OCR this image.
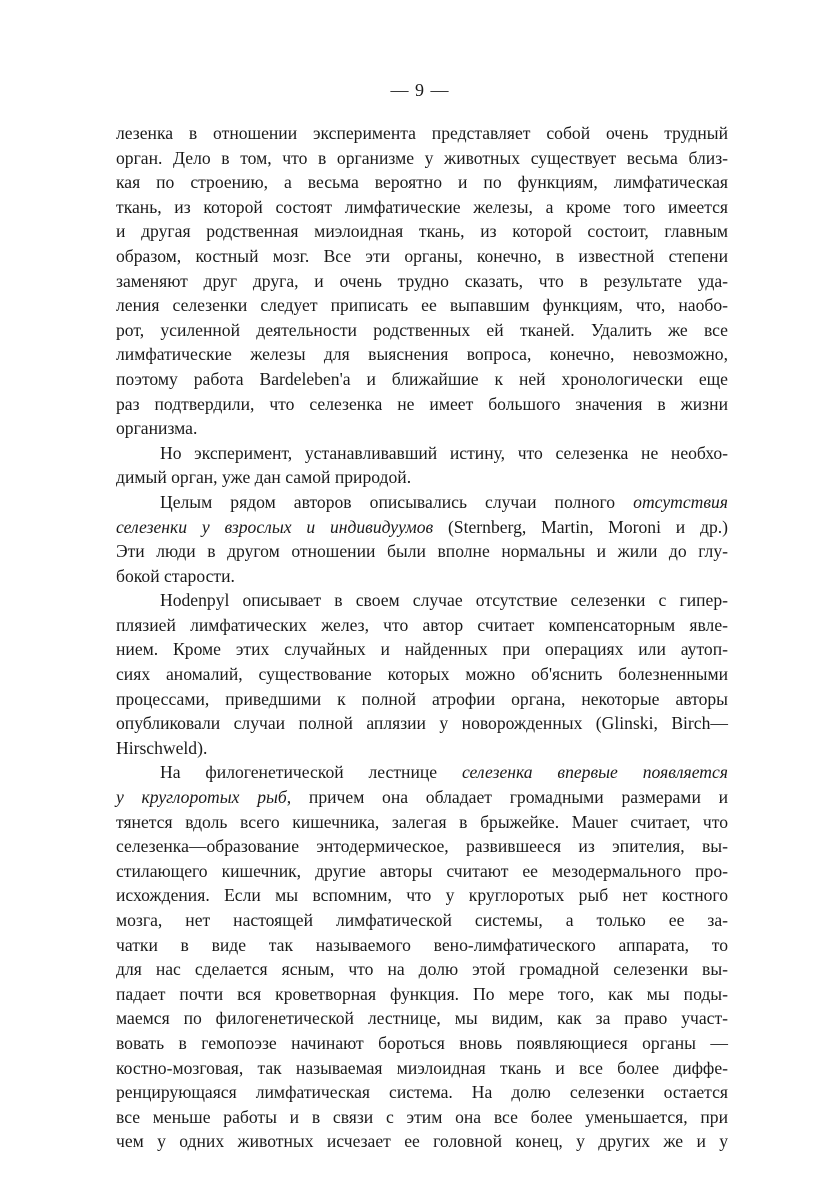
— 9 —
лезенка в отношении эксперимента представляет собой очень трудный
орган. Дело в том, что в организме у животных существует весьма близ-
кая по строению, а весьма вероятно и по функциям, лимфатическая
ткань, из которой состоят лимфатические железы, а кроме того имеется
и другая родственная миэлоидная ткань, из которой состоит, главным
образом, костный мозг. Все эти органы, конечно, в известной степени
заменяют друг друга, и очень трудно сказать, что в результате уда-
ления селезенки следует приписать ее выпавшим функциям, что, наобо-
рот, усиленной деятельности родственных ей тканей. Удалить же все
лимфатические железы для выяснения вопроса, конечно, невозможно,
поэтому работа Bardeleben'a и ближайшие к ней хронологически еще
раз подтвердили, что селезенка не имеет большого значения в жизни
организма.
Но эксперимент, устанавливавший истину, что селезенка не необхо-
димый орган, уже дан самой природой.
Целым рядом авторов описывались случаи полного отсутствия
селезенки у взрослых и индивидуумов (Sternberg, Martin, Moroni и др.)
Эти люди в другом отношении были вполне нормальны и жили до глу-
бокой старости.
Hodenpyl описывает в своем случае отсутствие селезенки с гипер-
плязией лимфатических желез, что автор считает компенсаторным явле-
нием. Кроме этих случайных и найденных при операциях или аутоп-
сиях аномалий, существование которых можно об'яснить болезненными
процессами, приведшими к полной атрофии органа, некоторые авторы
опубликовали случаи полной аплязии у новорожденных (Glinski, Birch—
Hirschweld).
На филогенетической лестнице селезенка впервые появляется
у круглоротых рыб, причем она обладает громадными размерами и
тянется вдоль всего кишечника, залегая в брыжейке. Mauer считает, что
селезенка—образование энтодермическое, развившееся из эпителия, вы-
стилающего кишечник, другие авторы считают ее мезодермального про-
исхождения. Если мы вспомним, что у круглоротых рыб нет костного
мозга, нет настоящей лимфатической системы, а только ее за-
чатки в виде так называемого вено-лимфатического аппарата, то
для нас сделается ясным, что на долю этой громадной селезенки вы-
падает почти вся кроветворная функция. По мере того, как мы поды-
маемся по филогенетической лестнице, мы видим, как за право участ-
вовать в гемопоэзе начинают бороться вновь появляющиеся органы —
костно-мозговая, так называемая миэлоидная ткань и все более диффе-
ренцирующаяся лимфатическая система. На долю селезенки остается
все меньше работы и в связи с этим она все более уменьшается, при
чем у одних животных исчезает ее головной конец, у других же и у
